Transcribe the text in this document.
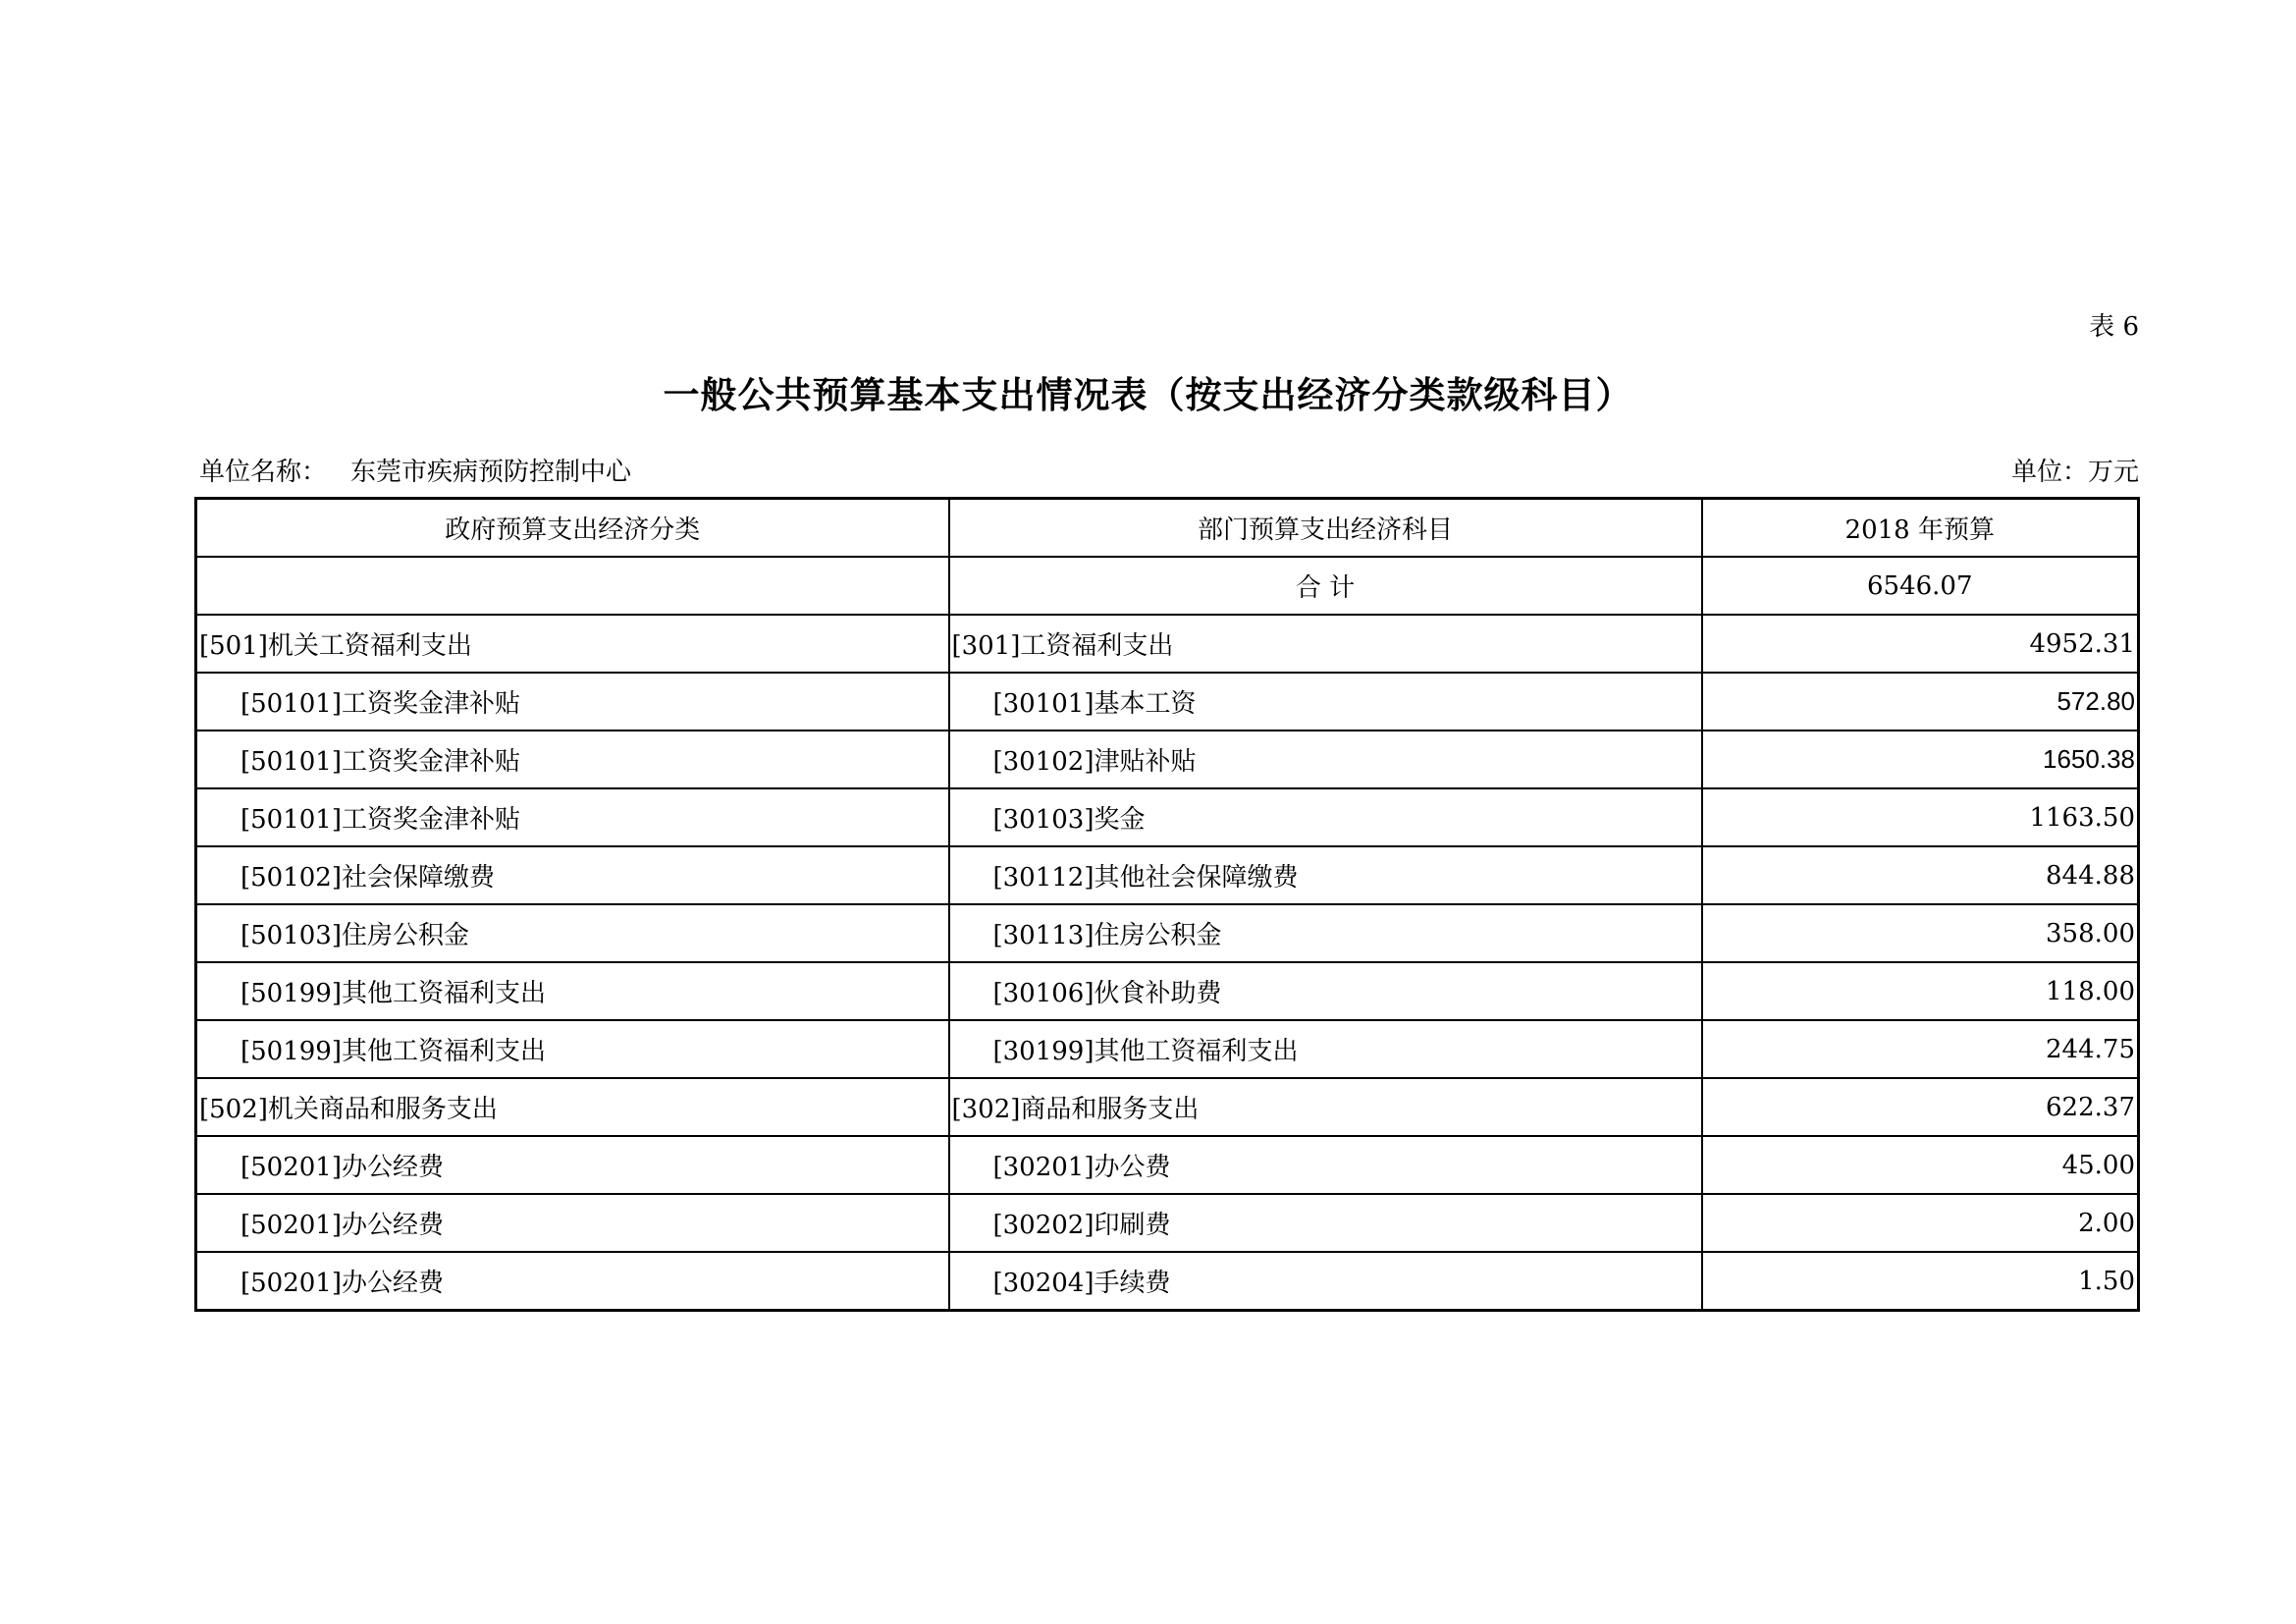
表 6
一般公共预算基本支出情况表（按支出经济分类款级科目）
单位名称： 东莞市疾病预防控制中心	单位：万元
政府预算支出经济分类	部门预算支出经济科目	2018 年预算
	合 计	6546.07
[501]机关工资福利支出	[301]工资福利支出	4952.31
[50101]工资奖金津补贴	[30101]基本工资	572.80
[50101]工资奖金津补贴	[30102]津贴补贴	1650.38
[50101]工资奖金津补贴	[30103]奖金	1163.50
[50102]社会保障缴费	[30112]其他社会保障缴费	844.88
[50103]住房公积金	[30113]住房公积金	358.00
[50199]其他工资福利支出	[30106]伙食补助费	118.00
[50199]其他工资福利支出	[30199]其他工资福利支出	244.75
[502]机关商品和服务支出	[302]商品和服务支出	622.37
[50201]办公经费	[30201]办公费	45.00
[50201]办公经费	[30202]印刷费	2.00
[50201]办公经费	[30204]手续费	1.50
